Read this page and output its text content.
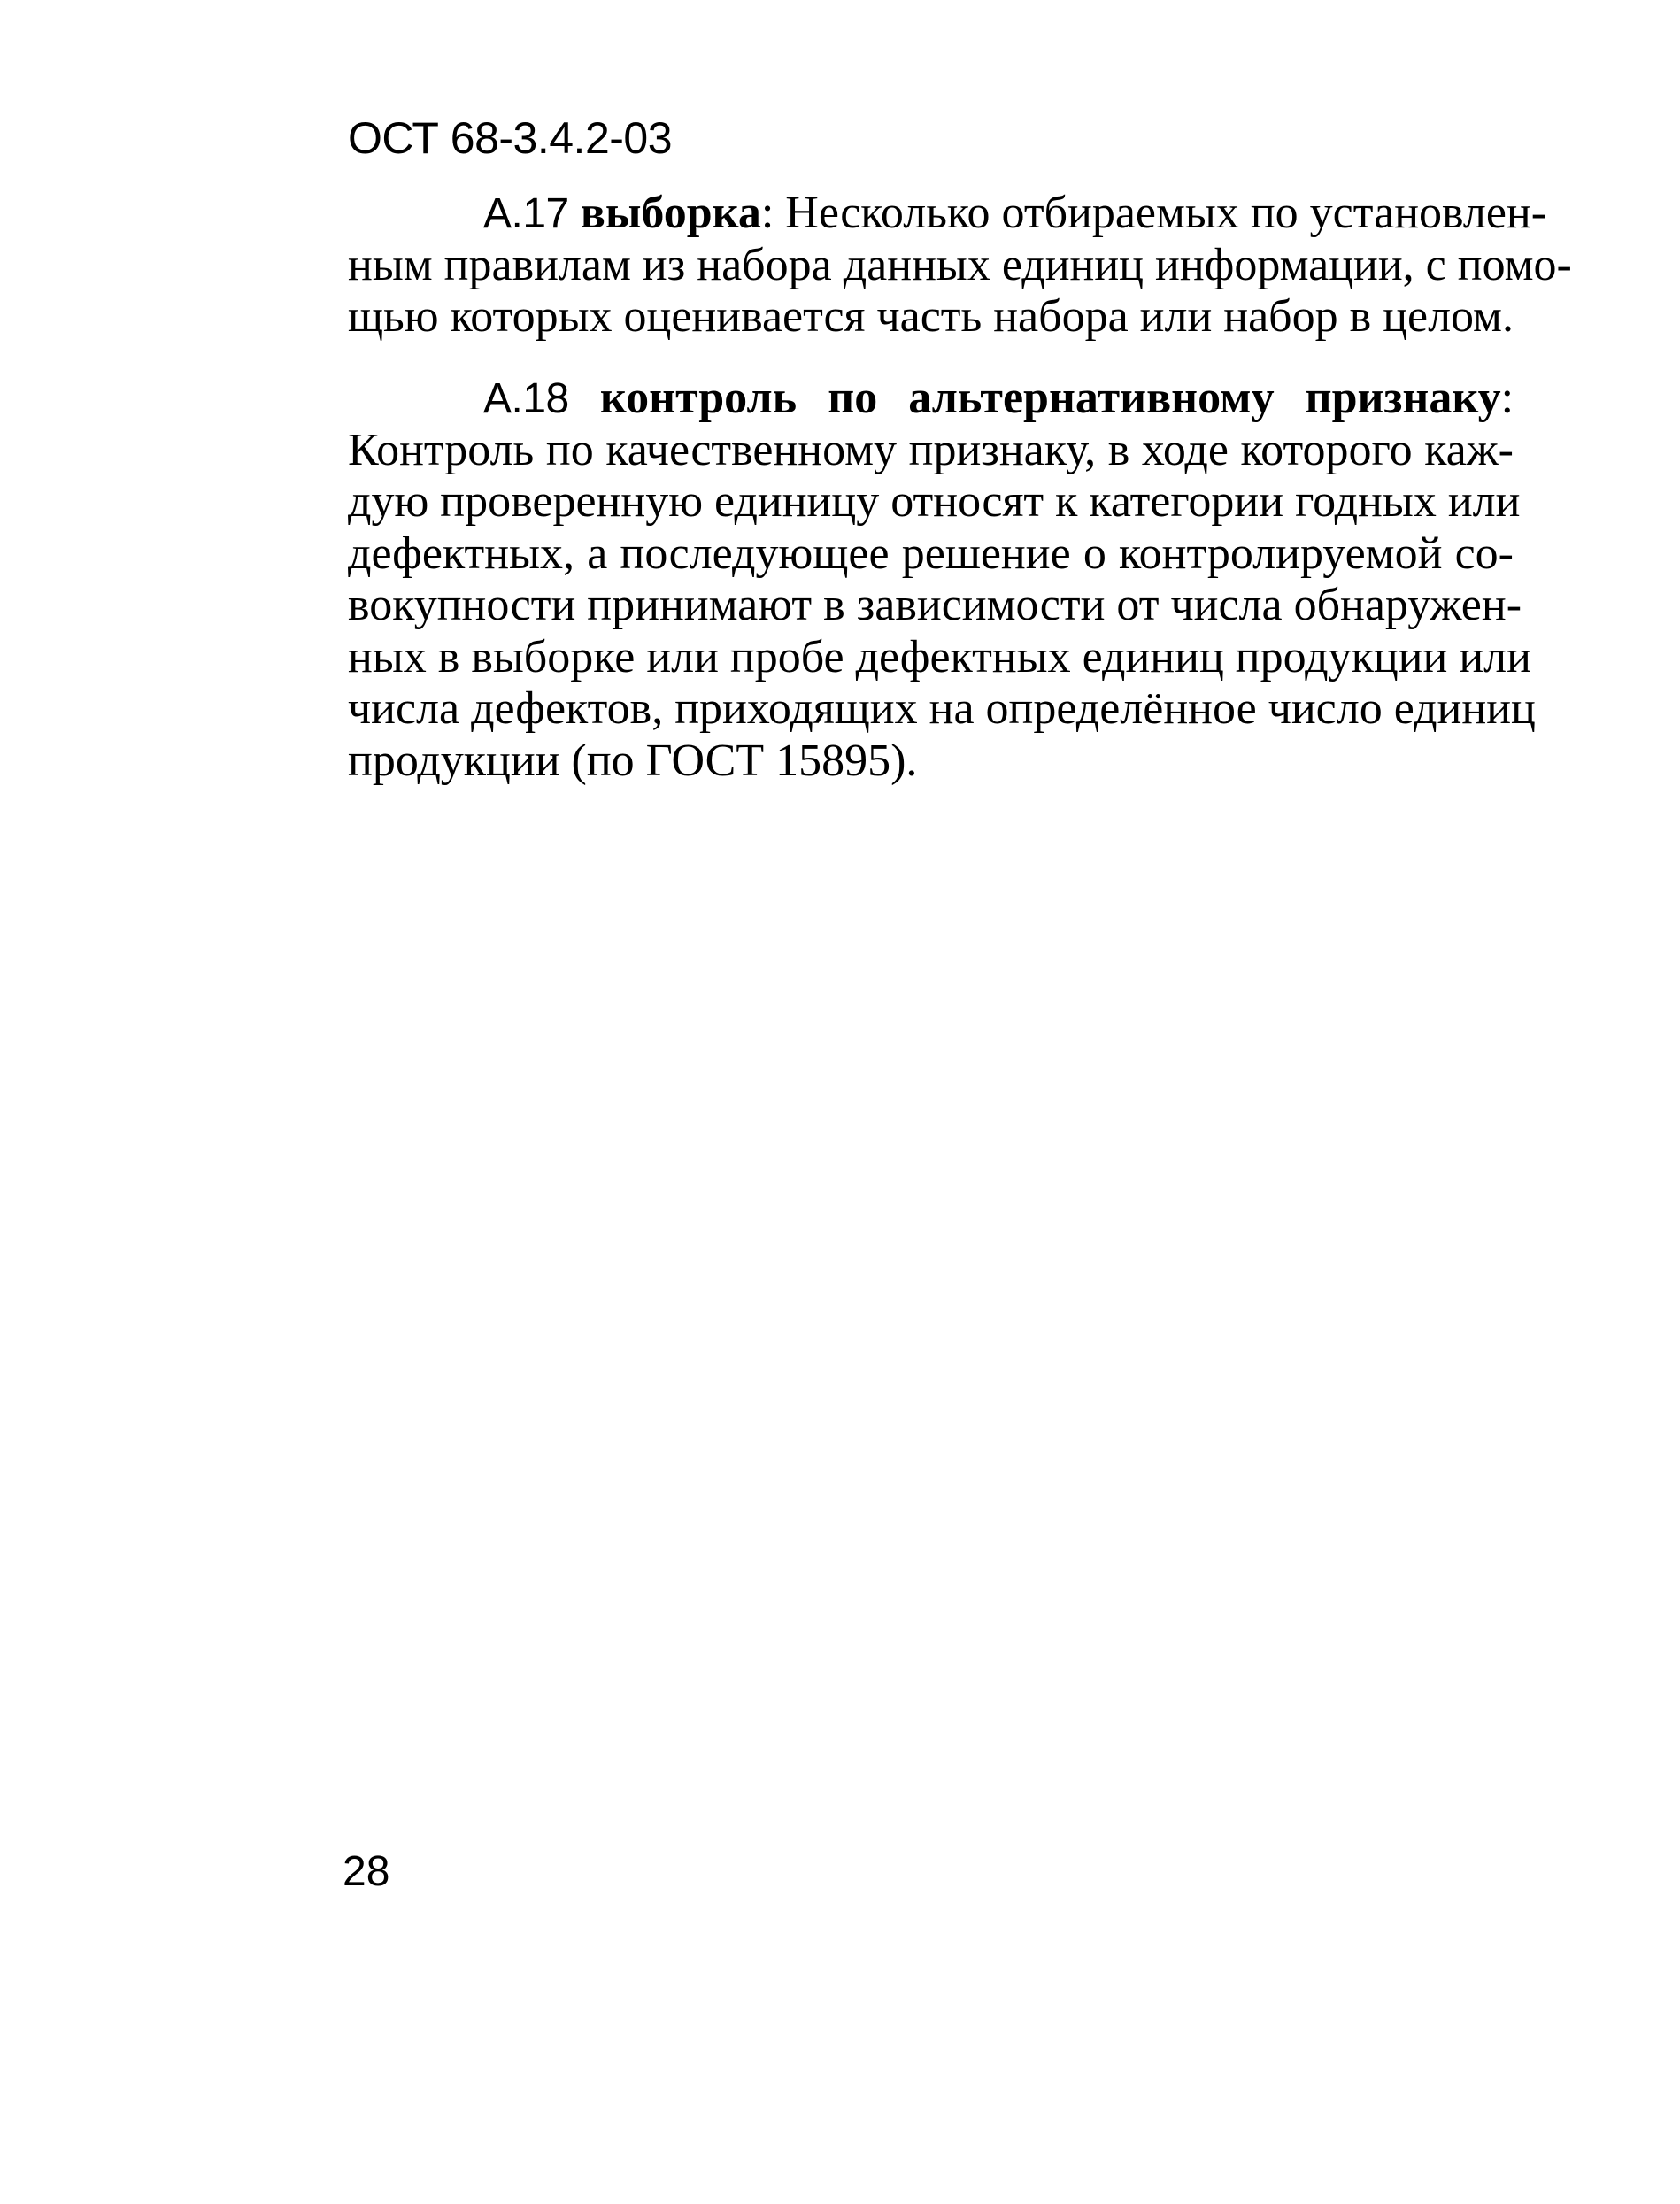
ОСТ 68-3.4.2-03
А.17 выборка: Несколько отбираемых по установлен-
ным правилам из набора данных единиц информации, с помо-
щью которых оценивается часть набора или набор в целом.
А.18 контроль по альтернативному признаку:
Контроль по качественному признаку, в ходе которого каж-
дую проверенную единицу относят к категории годных или
дефектных, а последующее решение о контролируемой со-
вокупности принимают в зависимости от числа обнаружен-
ных в выборке или пробе дефектных единиц продукции или
числа дефектов, приходящих на определённое число единиц
продукции (по ГОСТ 15895).
28
